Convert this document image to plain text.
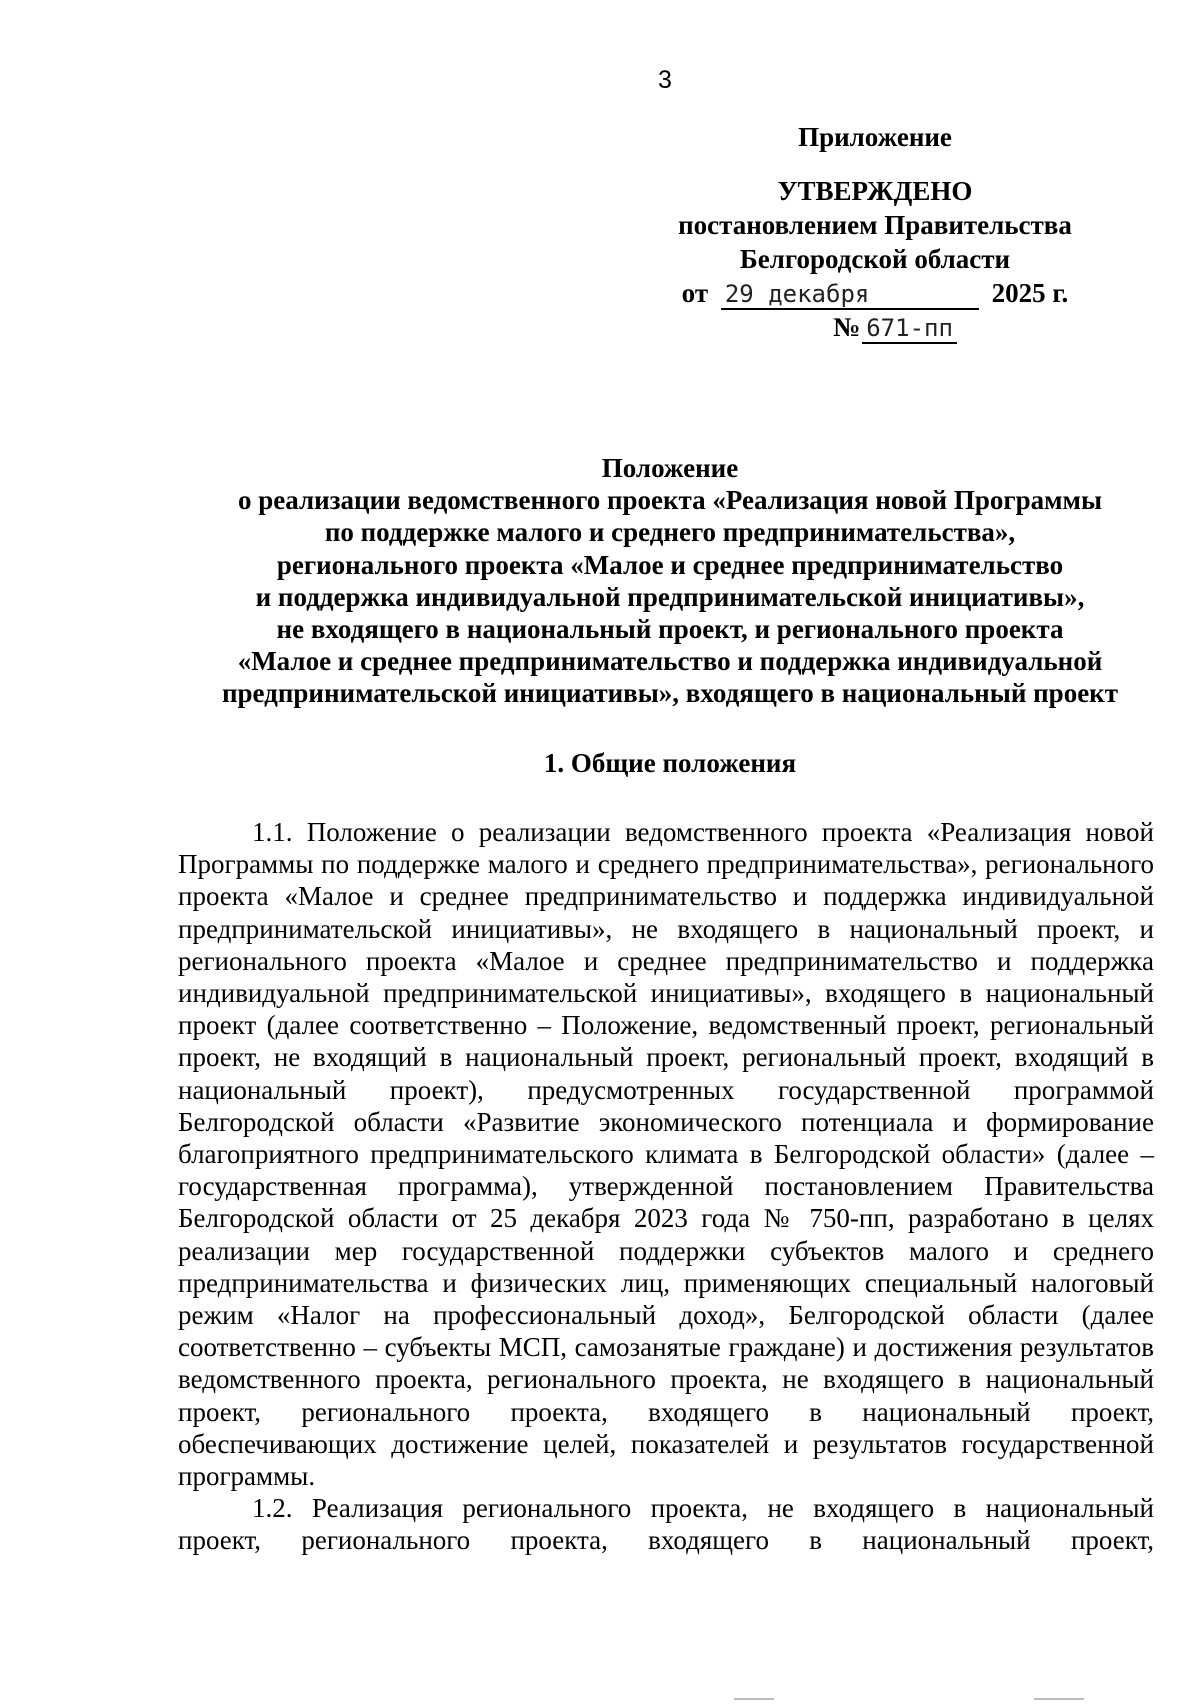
3
Приложение
УТВЕРЖДЕНО
постановлением Правительства
Белгородской области
от 29 декабря	2025 г.
№ 671-пп
Положение
о реализации ведомственного проекта «Реализация новой Программы
по поддержке малого и среднего предпринимательства»,
регионального проекта «Малое и среднее предпринимательство
и поддержка индивидуальной предпринимательской инициативы»,
не входящего в национальный проект, и регионального проекта
«Малое и среднее предпринимательство и поддержка индивидуальной
предпринимательской инициативы», входящего в национальный проект
1. Общие положения

1.1. Положение о реализации ведомственного проекта «Реализация новой Программы по поддержке малого и среднего предпринимательства», регионального проекта «Малое и среднее предпринимательство и поддержка индивидуальной предпринимательской инициативы», не входящего в национальный проект, и регионального проекта «Малое и среднее предпринимательство и поддержка индивидуальной предпринимательской инициативы», входящего в национальный проект (далее соответственно – Положение, ведомственный проект, региональный проект, не входящий в национальный проект, региональный проект, входящий в национальный проект), предусмотренных государственной программой Белгородской области «Развитие экономического потенциала и формирование благоприятного предпринимательского климата в Белгородской области» (далее – государственная программа), утвержденной постановлением Правительства Белгородской области от 25 декабря 2023 года № 750-пп, разработано в целях реализации мер государственной поддержки субъектов малого и среднего предпринимательства и физических лиц, применяющих специальный налоговый режим «Налог на профессиональный доход», Белгородской области (далее соответственно – субъекты МСП, самозанятые граждане) и достижения результатов ведомственного проекта, регионального проекта, не входящего в национальный проект, регионального проекта, входящего в национальный проект, обеспечивающих достижение целей, показателей и результатов государственной программы.

1.2. Реализация регионального проекта, не входящего в национальный проект, регионального проекта, входящего в национальный проект,
